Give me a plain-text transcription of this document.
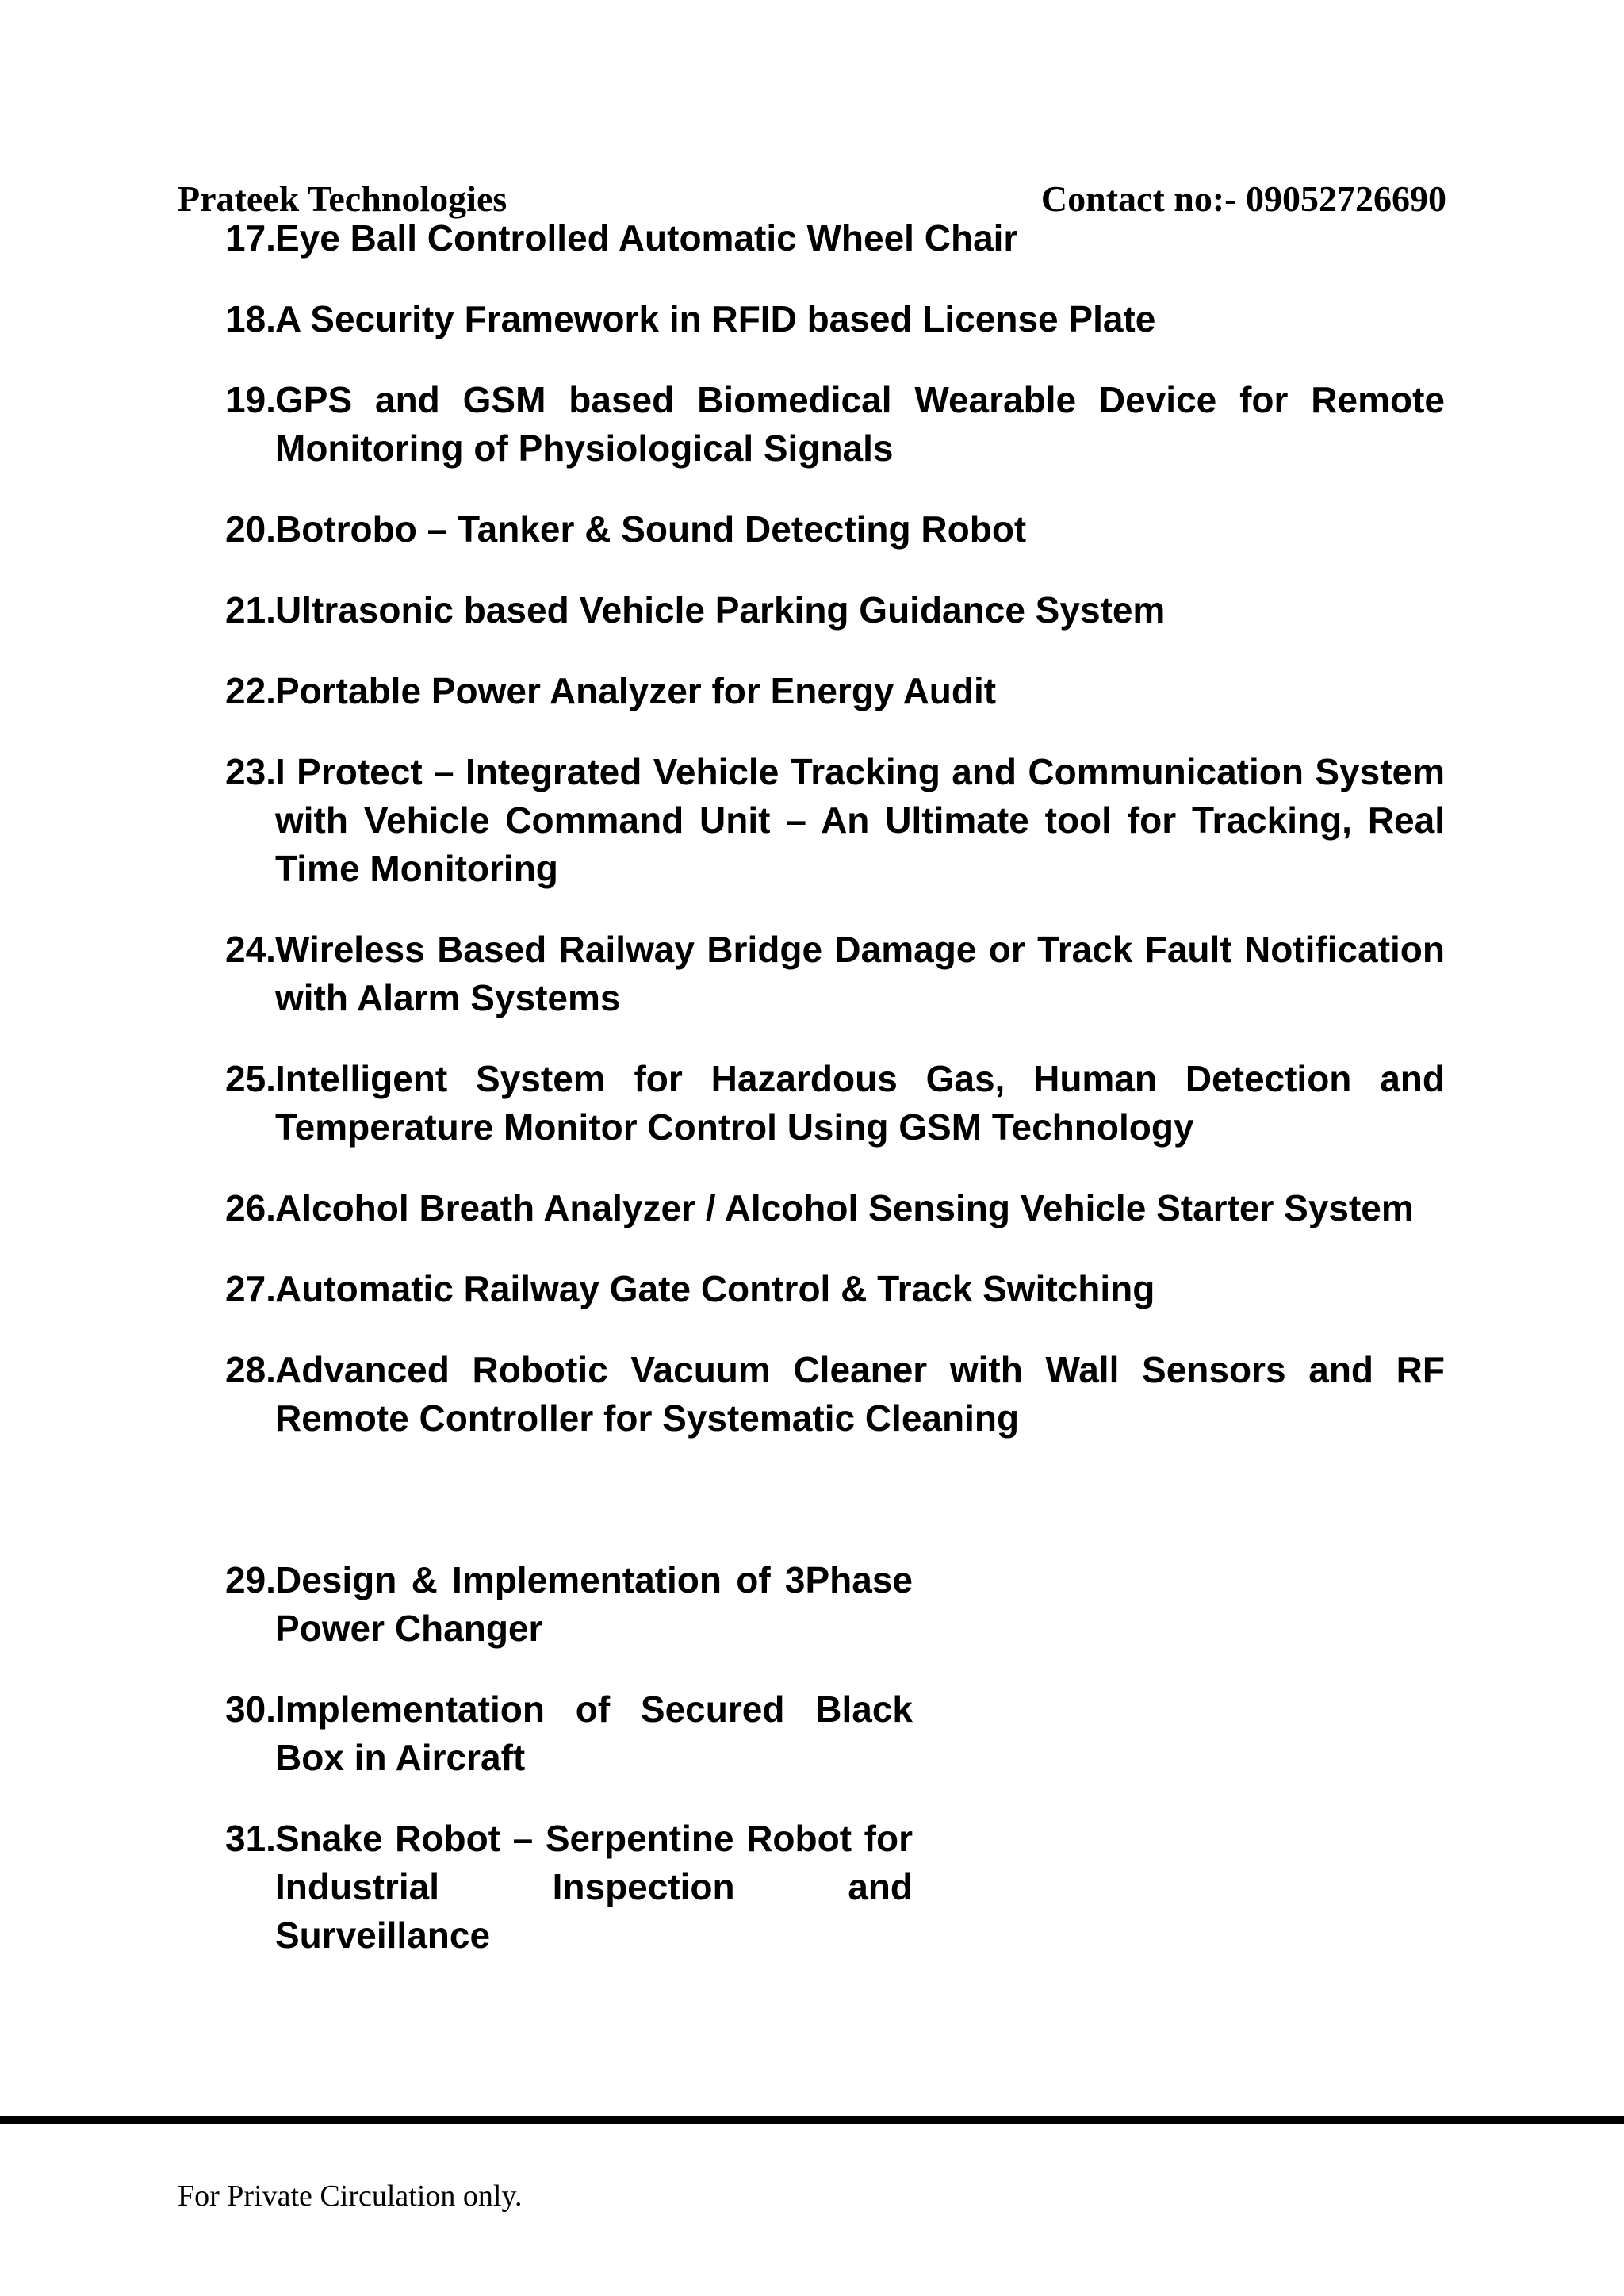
Prateek Technologies	Contact no:- 09052726690
17 . Eye Ball Controlled Automatic Wheel Chair
18 . A Security Framework in RFID based License Plate
19 . GPS and GSM based Biomedical Wearable Device for Remote Monitoring of Physiological Signals
20 . Botrobo – Tanker & Sound Detecting Robot
21 . Ultrasonic based Vehicle Parking Guidance System
22 . Portable Power Analyzer for Energy Audit
23 . I Protect – Integrated Vehicle Tracking and Communication System with Vehicle Command Unit – An Ultimate tool for Tracking, Real Time Monitoring
24 . Wireless Based Railway Bridge Damage or Track Fault Notification with Alarm Systems
25 . Intelligent System for Hazardous Gas, Human Detection and Temperature Monitor Control Using GSM Technology
26 . Alcohol Breath Analyzer / Alcohol Sensing Vehicle Starter System
27 . Automatic Railway Gate Control & Track Switching
28 . Advanced Robotic Vacuum Cleaner with Wall Sensors and RF Remote Controller for Systematic Cleaning
29 . Design & Implementation of 3Phase Power Changer
30 . Implementation of Secured Black Box in Aircraft
31 . Snake Robot – Serpentine Robot for Industrial Inspection and Surveillance
For Private Circulation only.
